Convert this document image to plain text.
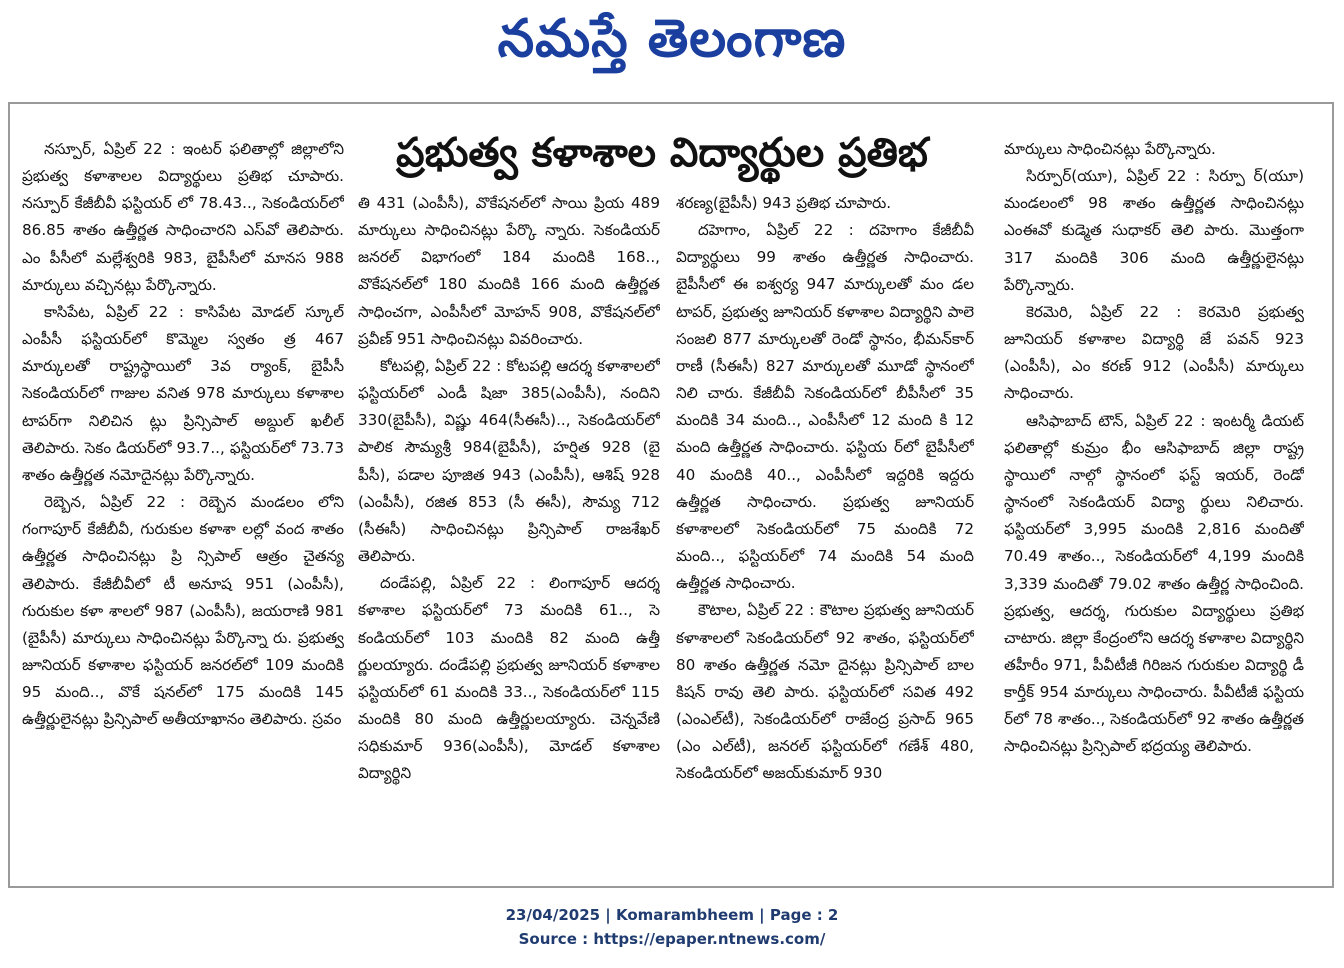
నమస్తే తెలంగాణ
ప్రభుత్వ కళాశాల విద్యార్థుల ప్రతిభ

నస్పూర్, ఏప్రిల్ 22 : ఇంటర్ ఫలితాల్లో జిల్లాలోని ప్రభుత్వ కళాశాలల విద్యార్థులు ప్రతిభ చూపారు. నస్పూర్ కేజీబీవీ ఫస్టియర్ లో 78.43.., సెకండియర్‌లో 86.85 శాతం ఉత్తీర్ణత సాధించారని ఎస్‌వో తెలిపారు. ఎం పీసీలో మల్లేశ్వరికి 983, బైపీసీలో మానస 988 మార్కులు వచ్చినట్లు పేర్కొన్నారు.

కాసిపేట, ఏప్రిల్ 22 : కాసిపేట మోడల్ స్కూల్ ఎంపీసీ ఫస్టియర్‌లో కొమ్మెల స్వతం త్ర 467 మార్కులతో రాష్ట్రస్థాయిలో 3వ ర్యాంక్, బైపీసీ సెకండియర్‌లో గాజుల వనిత 978 మార్కులు కళాశాల టాపర్‌గా నిలిచిన ట్లు ప్రిన్సిపాల్ అబ్దుల్ ఖలీల్ తెలిపారు. సెకం డియర్‌లో 93.7.., ఫస్టియర్‌లో 73.73 శాతం ఉత్తీర్ణత నమోదైనట్లు పేర్కొన్నారు.

రెబ్బెన, ఏప్రిల్ 22 : రెబ్బెన మండలం లోని గంగాపూర్ కేజీబీవీ, గురుకుల కళాశా లల్లో వంద శాతం ఉత్తీర్ణత సాధించినట్లు ప్రి న్సిపాల్ ఆత్రం చైతన్య తెలిపారు. కేజీబీవీలో టీ అనూష 951 (ఎంపీసీ), గురుకుల కళా శాలలో 987 (ఎంపీసీ), జయరాణి 981 (బైపీసీ) మార్కులు సాధించినట్లు పేర్కొన్నా రు. ప్రభుత్వ జూనియర్ కళాశాల ఫస్టియర్ జనరల్‌లో 109 మందికి 95 మంది.., వొకే షనల్‌లో 175 మందికి 145 ఉత్తీర్ణులైనట్లు ప్రిన్సిపాల్ అతీయాఖానం తెలిపారు. స్రవం

తి 431 (ఎంపీసీ), వొకేషనల్‌లో సాయి ప్రియ 489 మార్కులు సాధించినట్లు పేర్కొ న్నారు. సెకండియర్ జనరల్ విభాగంలో 184 మందికి 168.., వొకేషనల్‌లో 180 మందికి 166 మంది ఉత్తీర్ణత సాధించగా, ఎంపీసీలో మోహన్ 908, వొకేషనల్‌లో ప్రవీణ్ 951 సాధించినట్లు వివరించారు.

కోటపల్లి, ఏప్రిల్ 22 : కోటపల్లి ఆదర్శ కళాశాలలో ఫస్టియర్‌లో ఎండీ షిజా 385(ఎంపీసీ), నందిని 330(బైపీసీ), విష్ణు 464(సీఈసీ).., సెకండియర్‌లో పాలిక సౌమ్యశ్రీ 984(బైపీసీ), హర్షిత 928 (బై పీసీ), పడాల పూజిత 943 (ఎంపీసీ), ఆశిష్ 928 (ఎంపీసీ), రజిత 853 (సీ ఈసీ), సౌమ్య 712 (సీఈసీ) సాధించినట్లు ప్రిన్సిపాల్ రాజశేఖర్ తెలిపారు.

దండేపల్లి, ఏప్రిల్ 22 : లింగాపూర్ ఆదర్శ కళాశాల ఫస్టియర్‌లో 73 మందికి 61.., సె కండియర్‌లో 103 మందికి 82 మంది ఉత్తీ ర్ణులయ్యారు. దండేపల్లి ప్రభుత్వ జూనియర్ కళాశాల ఫస్టియర్‌లో 61 మందికి 33.., సెకండియర్‌లో 115 మందికి 80 మంది ఉత్తీర్ణులయ్యారు. చెన్నవేణి సధికుమార్ 936(ఎంపీసీ), మోడల్ కళాశాల విద్యార్థిని

శరణ్య(బైపీసీ) 943 ప్రతిభ చూపారు.

దహెగాం, ఏప్రిల్ 22 : దహెగాం కేజీబీవీ విద్యార్థులు 99 శాతం ఉత్తీర్ణత సాధించారు. బైపీసీలో ఈ ఐశ్వర్య 947 మార్కులతో మం డల టాపర్, ప్రభుత్వ జూనియర్ కళాశాల విద్యార్థిని పాలె సంజలి 877 మార్కులతో రెండో స్థానం, భీమన్‌కార్ రాణీ (సీఈసీ) 827 మార్కులతో మూడో స్థానంలో నిలి చారు. కేజీబీవీ సెకండియర్‌లో బీపీసీలో 35 మందికి 34 మంది.., ఎంపీసీలో 12 మంది కి 12 మంది ఉత్తీర్ణత సాధించారు. ఫస్టియ ర్‌లో బైపీసీలో 40 మందికి 40.., ఎంపీసీలో ఇద్దరికి ఇద్దరు ఉత్తీర్ణత సాధించారు. ప్రభుత్వ జూనియర్ కళాశాలలో సెకండియర్‌లో 75 మందికి 72 మంది.., ఫస్టియర్‌లో 74 మందికి 54 మంది ఉత్తీర్ణత సాధించారు.

కౌటాల, ఏప్రిల్ 22 : కౌటాల ప్రభుత్వ జూనియర్ కళాశాలలో సెకండియర్‌లో 92 శాతం, ఫస్టియర్‌లో 80 శాతం ఉత్తీర్ణత నమో దైనట్లు ప్రిన్సిపాల్ బాల కిషన్ రావు తెలి పారు. ఫస్టియర్‌లో సవిత 492 (ఎంఎల్‌టీ), సెకండియర్‌లో రాజేంద్ర ప్రసాద్ 965 (ఎం ఎల్‌టీ), జనరల్ ఫస్టియర్‌లో గణేశ్ 480, సెకండియర్‌లో అజయ్‌కుమార్ 930

మార్కులు సాధించినట్లు పేర్కొన్నారు.

సిర్పూర్(యూ), ఏప్రిల్ 22 : సిర్పూ ర్(యూ) మండలంలో 98 శాతం ఉత్తీర్ణత సాధించినట్లు ఎంఈవో కుడ్మెత సుధాకర్ తెలి పారు. మొత్తంగా 317 మందికి 306 మంది ఉత్తీర్ణులైనట్లు పేర్కొన్నారు.

కెరమెరి, ఏప్రిల్ 22 : కెరమెరి ప్రభుత్వ జూనియర్ కళాశాల విద్యార్థి జే పవన్ 923 (ఎంపీసీ), ఎం కరణ్ 912 (ఎంపీసీ) మార్కులు సాధించారు.

ఆసిఫాబాద్ టౌన్, ఏప్రిల్ 22 : ఇంటర్మీ డియట్ ఫలితాల్లో కుమ్రం భీం ఆసిఫాబాద్ జిల్లా రాష్ట్ర స్థాయిలో నాల్గో స్థానంలో ఫస్ట్ ఇయర్, రెండో స్థానంలో సెకండియర్ విద్యా ర్థులు నిలిచారు. ఫస్టియర్‌లో 3,995 మందికి 2,816 మందితో 70.49 శాతం.., సెకండియర్‌లో 4,199 మందికి 3,339 మందితో 79.02 శాతం ఉత్తీర్ణ సాధించింది. ప్రభుత్వ, ఆదర్శ, గురుకుల విద్యార్థులు ప్రతిభ చాటారు. జిల్లా కేంద్రంలోని ఆదర్శ కళాశాల విద్యార్థిని తహీరీం 971, పీవీటీజీ గిరిజన గురుకుల విద్యార్థి డీ కార్తీక్ 954 మార్కులు సాధించారు. పీవీటీజీ ఫస్టియ ర్‌లో 78 శాతం.., సెకండియర్‌లో 92 శాతం ఉత్తీర్ణత సాధించినట్లు ప్రిన్సిపాల్ భద్రయ్య తెలిపారు.

23/04/2025 | Komarambheem | Page : 2
Source : https://epaper.ntnews.com/
